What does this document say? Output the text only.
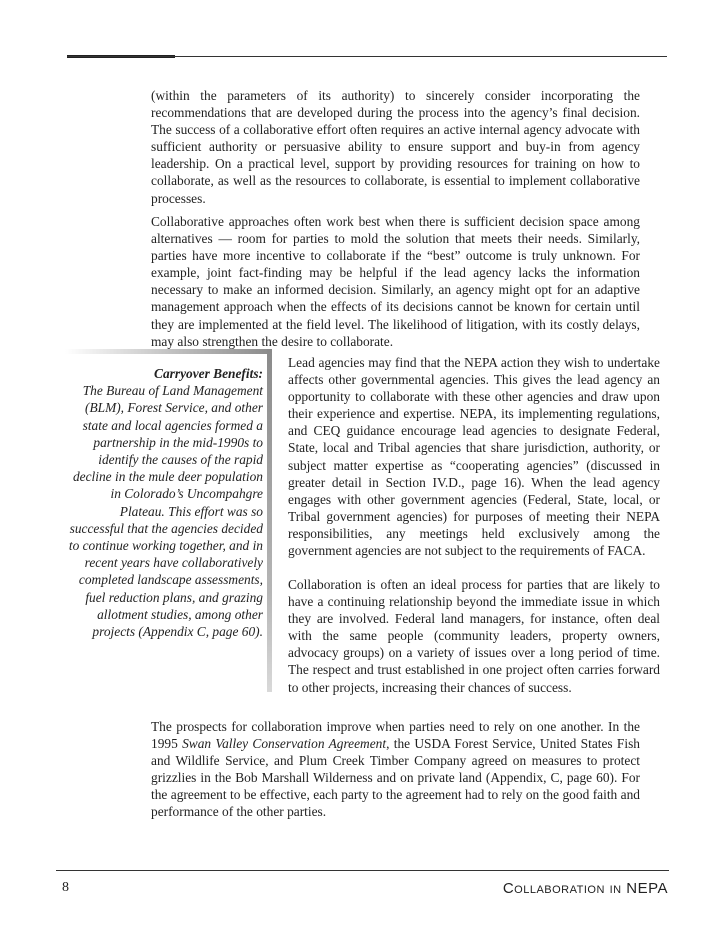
(within the parameters of its authority) to sincerely consider incorporating the recommendations that are developed during the process into the agency’s final decision. The success of a collaborative effort often requires an active internal agency advocate with sufficient authority or persuasive ability to ensure support and buy-in from agency leadership. On a practical level, support by providing resources for training on how to collaborate, as well as the resources to collaborate, is essential to implement collaborative processes.

Collaborative approaches often work best when there is sufficient decision space among alternatives — room for parties to mold the solution that meets their needs. Similarly, parties have more incentive to collaborate if the “best” outcome is truly unknown. For example, joint fact-finding may be helpful if the lead agency lacks the information necessary to make an informed decision. Similarly, an agency might opt for an adaptive management approach when the effects of its decisions cannot be known for certain until they are implemented at the field level. The likelihood of litigation, with its costly delays, may also strengthen the desire to collaborate.

Carryover Benefits:
The Bureau of Land Management (BLM), Forest Service, and other state and local agencies formed a partnership in the mid-1990s to identify the causes of the rapid decline in the mule deer population in Colorado’s Uncompahgre Plateau. This effort was so successful that the agencies decided to continue working together, and in recent years have collaboratively completed landscape assessments, fuel reduction plans, and grazing allotment studies, among other projects (Appendix C, page 60).

Lead agencies may find that the NEPA action they wish to undertake affects other governmental agencies. This gives the lead agency an opportunity to collaborate with these other agencies and draw upon their experience and expertise. NEPA, its implementing regulations, and CEQ guidance encourage lead agencies to designate Federal, State, local and Tribal agencies that share jurisdiction, authority, or subject matter expertise as “cooperating agencies” (discussed in greater detail in Section IV.D., page 16). When the lead agency engages with other government agencies (Federal, State, local, or Tribal government agencies) for purposes of meeting their NEPA responsibilities, any meetings held exclusively among the government agencies are not subject to the requirements of FACA.

Collaboration is often an ideal process for parties that are likely to have a continuing relationship beyond the immediate issue in which they are involved. Federal land managers, for instance, often deal with the same people (community leaders, property owners, advocacy groups) on a variety of issues over a long period of time. The respect and trust established in one project often carries forward to other projects, increasing their chances of success.

The prospects for collaboration improve when parties need to rely on one another. In the 1995 Swan Valley Conservation Agreement, the USDA Forest Service, United States Fish and Wildlife Service, and Plum Creek Timber Company agreed on measures to protect grizzlies in the Bob Marshall Wilderness and on private land (Appendix, C, page 60). For the agreement to be effective, each party to the agreement had to rely on the good faith and performance of the other parties.

8	Collaboration in NEPA
